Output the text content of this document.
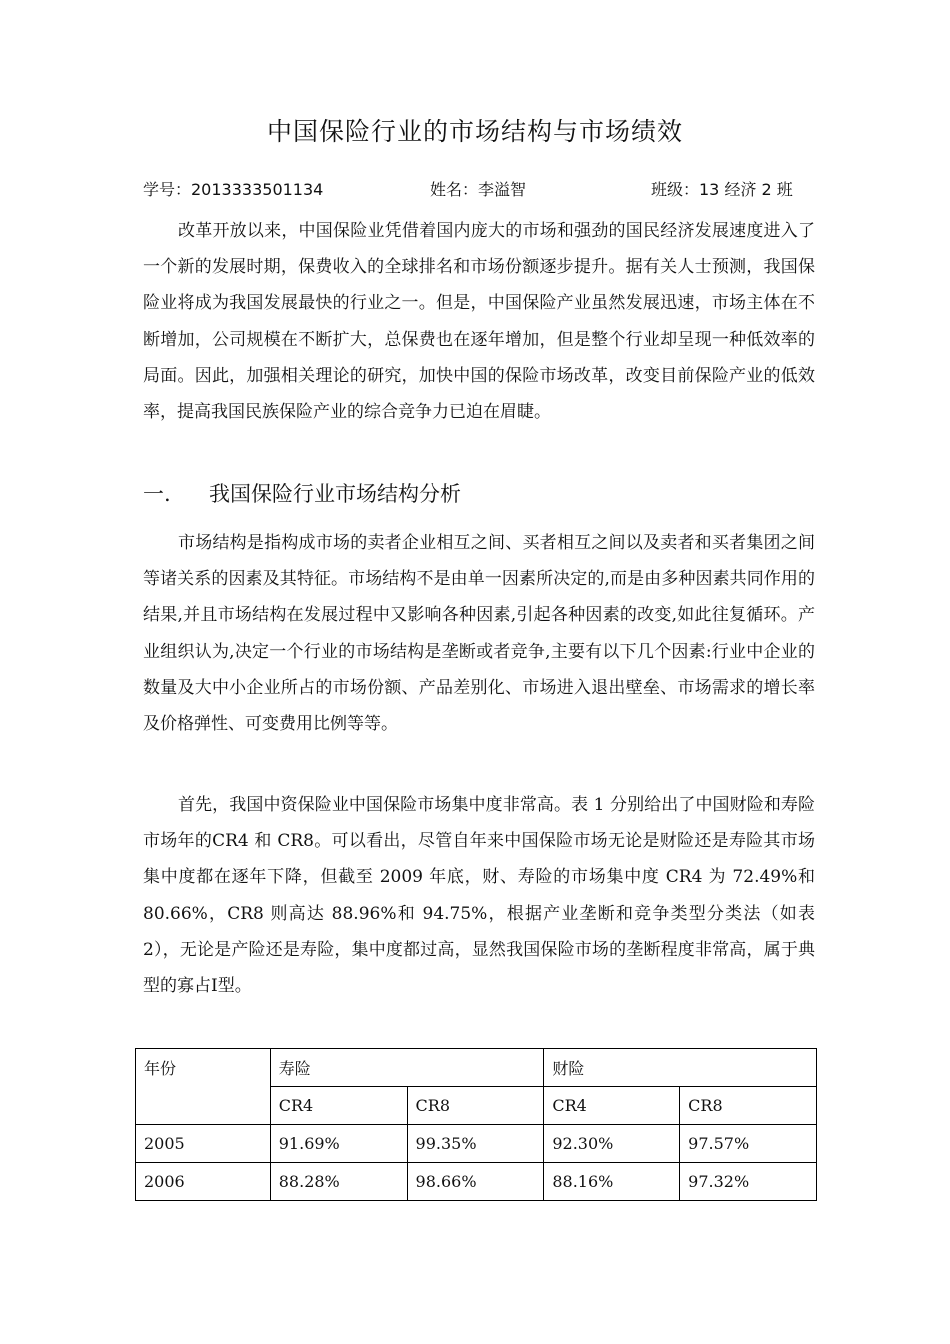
中国保险行业的市场结构与市场绩效
学号：2013333501134	姓名：李溢智	班级：13 经济 2 班

改革开放以来，中国保险业凭借着国内庞大的市场和强劲的国民经济发展速度进入了一个新的发展时期，保费收入的全球排名和市场份额逐步提升。据有关人士预测，我国保险业将成为我国发展最快的行业之一。但是，中国保险产业虽然发展迅速，市场主体在不断增加，公司规模在不断扩大，总保费也在逐年增加，但是整个行业却呈现一种低效率的局面。因此，加强相关理论的研究，加快中国的保险市场改革，改变目前保险产业的低效率，提高我国民族保险产业的综合竞争力已迫在眉睫。

一.	我国保险行业市场结构分析

市场结构是指构成市场的卖者企业相互之间、买者相互之间以及卖者和买者集团之间等诸关系的因素及其特征。市场结构不是由单一因素所决定的,而是由多种因素共同作用的结果,并且市场结构在发展过程中又影响各种因素,引起各种因素的改变,如此往复循环。产业组织认为,决定一个行业的市场结构是垄断或者竞争,主要有以下几个因素:行业中企业的数量及大中小企业所占的市场份额、产品差别化、市场进入退出壁垒、市场需求的增长率及价格弹性、可变费用比例等等。

首先，我国中资保险业中国保险市场集中度非常高。表 1 分别给出了中国财险和寿险市场年的CR4 和 CR8。可以看出，尽管自年来中国保险市场无论是财险还是寿险其市场集中度都在逐年下降，但截至 2009 年底，财、寿险的市场集中度 CR4 为 72.49%和 80.66%，CR8 则高达 88.96%和 94.75%，根据产业垄断和竞争类型分类法（如表 2），无论是产险还是寿险，集中度都过高，显然我国保险市场的垄断程度非常高，属于典型的寡占Ⅰ型。

年份	寿险		财险	
	CR4	CR8	CR4	CR8
2005	91.69%	99.35%	92.30%	97.57%
2006	88.28%	98.66%	88.16%	97.32%
